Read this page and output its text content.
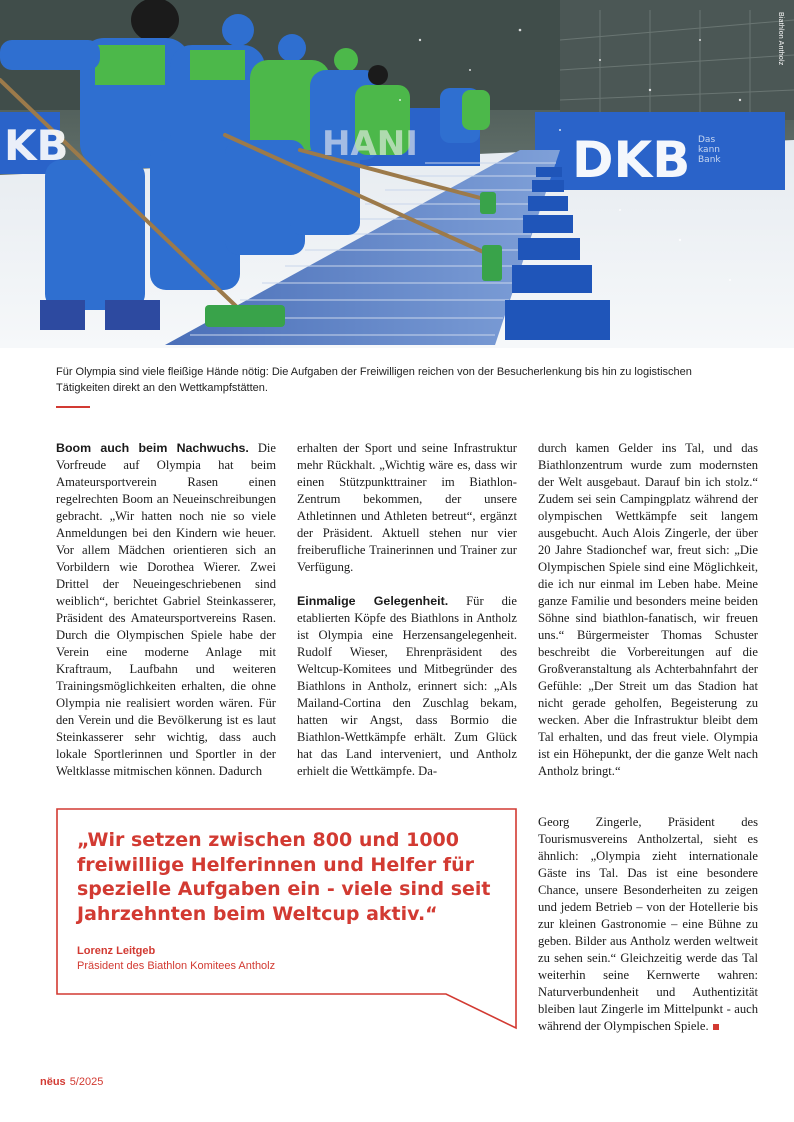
KB	HANI	DKB Das kann Bank
Biathlon Antholz
Für Olympia sind viele fleißige Hände nötig: Die Aufgaben der Freiwilligen reichen von der Besucherlenkung bis hin zu logistischen Tätigkeiten direkt an den Wettkampfstätten.

Boom auch beim Nachwuchs. Die Vorfreude auf Olympia hat beim Amateursportverein Rasen einen regelrechten Boom an Neueinschreibungen gebracht. „Wir hatten noch nie so viele Anmeldungen bei den Kindern wie heuer. Vor allem Mädchen orientieren sich an Vorbildern wie Dorothea Wierer. Zwei Drittel der Neueingeschriebenen sind weiblich“, berichtet Gabriel Steinkasserer, Präsident des Amateursportvereins Rasen. Durch die Olympischen Spiele habe der Verein eine moderne Anlage mit Kraftraum, Laufbahn und weiteren Trainingsmöglichkeiten erhalten, die ohne Olympia nie realisiert worden wären. Für den Verein und die Bevölkerung ist es laut Steinkasserer sehr wichtig, dass auch lokale Sportlerinnen und Sportler in der Weltklasse mitmischen können. Dadurch

erhalten der Sport und seine Infrastruktur mehr Rückhalt. „Wichtig wäre es, dass wir einen Stützpunkttrainer im Biathlon-Zentrum bekommen, der unsere Athletinnen und Athleten betreut“, ergänzt der Präsident. Aktuell stehen nur vier freiberufliche Trainerinnen und Trainer zur Verfügung.

Einmalige Gelegenheit. Für die etablierten Köpfe des Biathlons in Antholz ist Olympia eine Herzensangelegenheit. Rudolf Wieser, Ehrenpräsident des Weltcup-Komitees und Mitbegründer des Biathlons in Antholz, erinnert sich: „Als Mailand-Cortina den Zuschlag bekam, hatten wir Angst, dass Bormio die Biathlon-Wettkämpfe erhält. Zum Glück hat das Land interveniert, und Antholz erhielt die Wettkämpfe. Da-

durch kamen Gelder ins Tal, und das Biathlonzentrum wurde zum modernsten der Welt ausgebaut. Darauf bin ich stolz.“ Zudem sei sein Campingplatz während der olympischen Wettkämpfe seit langem ausgebucht. Auch Alois Zingerle, der über 20 Jahre Stadionchef war, freut sich: „Die Olympischen Spiele sind eine Möglichkeit, die ich nur einmal im Leben habe. Meine ganze Familie und besonders meine beiden Söhne sind biathlon-fanatisch, wir freuen uns.“ Bürgermeister Thomas Schuster beschreibt die Vorbereitungen auf die Großveranstaltung als Achterbahnfahrt der Gefühle: „Der Streit um das Stadion hat nicht gerade geholfen, Begeisterung zu wecken. Aber die Infrastruktur bleibt dem Tal erhalten, und das freut viele. Olympia ist ein Höhepunkt, der die ganze Welt nach Antholz bringt.“

Georg Zingerle, Präsident des Tourismusvereins Antholzertal, sieht es ähnlich: „Olympia zieht internationale Gäste ins Tal. Das ist eine besondere Chance, unsere Besonderheiten zu zeigen und jedem Betrieb – von der Hotellerie bis zur kleinen Gastronomie – eine Bühne zu geben. Bilder aus Antholz werden weltweit zu sehen sein.“ Gleichzeitig werde das Tal weiterhin seine Kernwerte wahren: Naturverbundenheit und Authentizität bleiben laut Zingerle im Mittelpunkt - auch während der Olympischen Spiele.

„Wir setzen zwischen 800 und 1000 freiwillige Helferinnen und Helfer für spezielle Aufgaben ein - viele sind seit Jahrzehnten beim Weltcup aktiv.“
Lorenz Leitgeb
Präsident des Biathlon Komitees Antholz
nëus 5/2025
